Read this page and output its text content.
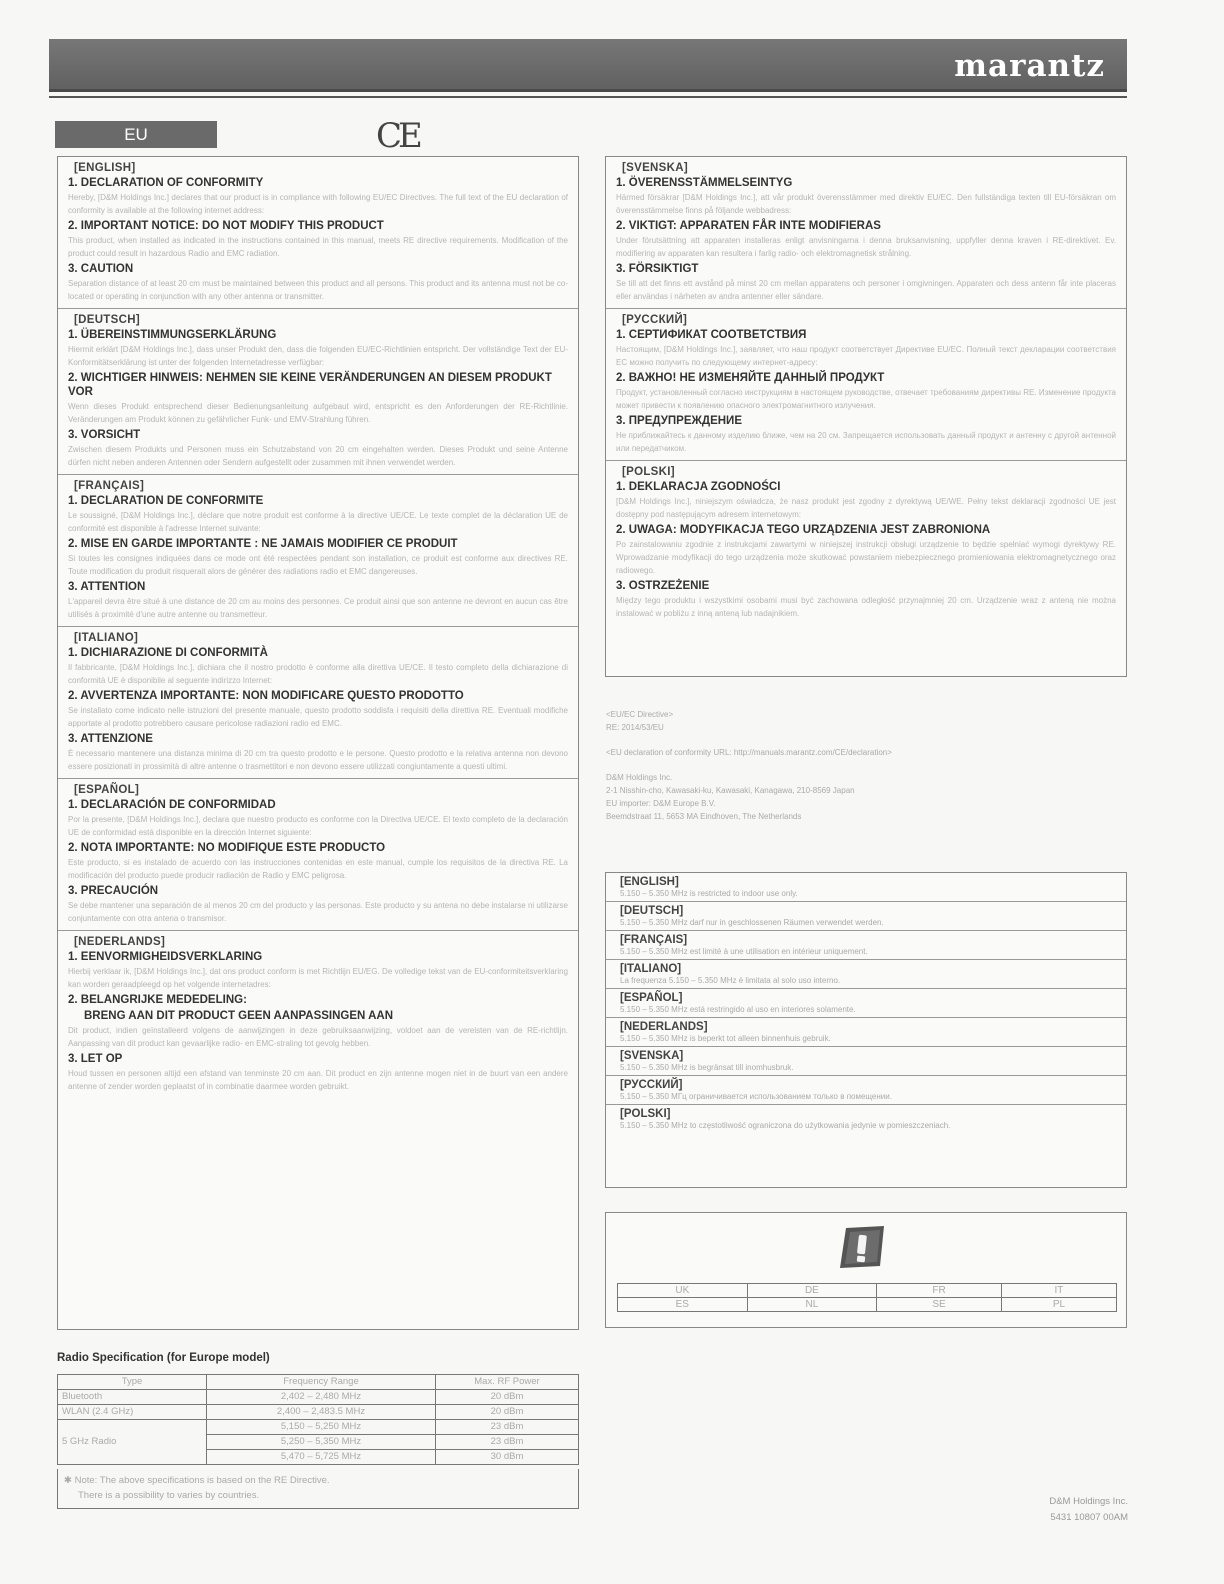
marantz
EU	CE
[ENGLISH]
1. DECLARATION OF CONFORMITY
Hereby, [D&M Holdings Inc.] declares that our product is in compliance with following EU/EC Directives. The full text of the EU declaration of conformity is available at the following internet address:
2. IMPORTANT NOTICE: DO NOT MODIFY THIS PRODUCT
This product, when installed as indicated in the instructions contained in this manual, meets RE directive requirements. Modification of the product could result in hazardous Radio and EMC radiation.
3. CAUTION
Separation distance of at least 20 cm must be maintained between this product and all persons. This product and its antenna must not be co-located or operating in conjunction with any other antenna or transmitter.
[DEUTSCH]
1. ÜBEREINSTIMMUNGSERKLÄRUNG
Hiermit erklärt [D&M Holdings Inc.], dass unser Produkt den, dass die folgenden EU/EC-Richtlinien entspricht. Der vollständige Text der EU-Konformitätserklärung ist unter der folgenden Internetadresse verfügbar:
2. WICHTIGER HINWEIS: NEHMEN SIE KEINE VERÄNDERUNGEN AN DIESEM PRODUKT VOR
Wenn dieses Produkt entsprechend dieser Bedienungsanleitung aufgebaut wird, entspricht es den Anforderungen der RE-Richtlinie. Veränderungen am Produkt können zu gefährlicher Funk- und EMV-Strahlung führen.
3. VORSICHT
Zwischen diesem Produkts und Personen muss ein Schutzabstand von 20 cm eingehalten werden. Dieses Produkt und seine Antenne dürfen nicht neben anderen Antennen oder Sendern aufgestellt oder zusammen mit ihnen verwendet werden.
[FRANÇAIS]
1. DECLARATION DE CONFORMITE
Le soussigné, [D&M Holdings Inc.], déclare que notre produit est conforme à la directive UE/CE. Le texte complet de la déclaration UE de conformité est disponible à l'adresse Internet suivante:
2. MISE EN GARDE IMPORTANTE : NE JAMAIS MODIFIER CE PRODUIT
Si toutes les consignes indiquées dans ce mode ont été respectées pendant son installation, ce produit est conforme aux directives RE. Toute modification du produit risquerait alors de générer des radiations radio et EMC dangereuses.
3. ATTENTION
L'appareil devra être situé à une distance de 20 cm au moins des personnes. Ce produit ainsi que son antenne ne devront en aucun cas être utilisés à proximité d'une autre antenne ou transmetteur.
[ITALIANO]
1. DICHIARAZIONE DI CONFORMITÀ
Il fabbricante, [D&M Holdings Inc.], dichiara che il nostro prodotto è conforme alla direttiva UE/CE. Il testo completo della dichiarazione di conformità UE è disponibile al seguente indirizzo Internet:
2. AVVERTENZA IMPORTANTE: NON MODIFICARE QUESTO PRODOTTO
Se installato come indicato nelle istruzioni del presente manuale, questo prodotto soddisfa i requisiti della direttiva RE. Eventuali modifiche apportate al prodotto potrebbero causare pericolose radiazioni radio ed EMC.
3. ATTENZIONE
È necessario mantenere una distanza minima di 20 cm tra questo prodotto e le persone. Questo prodotto e la relativa antenna non devono essere posizionati in prossimità di altre antenne o trasmettitori e non devono essere utilizzati congiuntamente a questi ultimi.
[ESPAÑOL]
1. DECLARACIÓN DE CONFORMIDAD
Por la presente, [D&M Holdings Inc.], declara que nuestro producto es conforme con la Directiva UE/CE. El texto completo de la declaración UE de conformidad está disponible en la dirección Internet siguiente:
2. NOTA IMPORTANTE: NO MODIFIQUE ESTE PRODUCTO
Este producto, si es instalado de acuerdo con las instrucciones contenidas en este manual, cumple los requisitos de la directiva RE. La modificación del producto puede producir radiación de Radio y EMC peligrosa.
3. PRECAUCIÓN
Se debe mantener una separación de al menos 20 cm del producto y las personas. Este producto y su antena no debe instalarse ni utilizarse conjuntamente con otra antena o transmisor.
[NEDERLANDS]
1. EENVORMIGHEIDSVERKLARING
Hierbij verklaar ik, [D&M Holdings Inc.], dat ons product conform is met Richtlijn EU/EG. De volledige tekst van de EU-conformiteitsverklaring kan worden geraadpleegd op het volgende internetadres:
2. BELANGRIJKE MEDEDELING:
BRENG AAN DIT PRODUCT GEEN AANPASSINGEN AAN
Dit product, indien geïnstalleerd volgens de aanwijzingen in deze gebruiksaanwijzing, voldoet aan de vereisten van de RE-richtlijn. Aanpassing van dit product kan gevaarlijke radio- en EMC-straling tot gevolg hebben.
3. LET OP
Houd tussen en personen altijd een afstand van tenminste 20 cm aan. Dit product en zijn antenne mogen niet in de buurt van een andere antenne of zender worden geplaatst of in combinatie daarmee worden gebruikt.
[SVENSKA]
1. ÖVERENSSTÄMMELSEINTYG
Härmed försäkrar [D&M Holdings Inc.], att vår produkt överensstämmer med direktiv EU/EC. Den fullständiga texten till EU-försäkran om överensstämmelse finns på följande webbadress:
2. VIKTIGT: APPARATEN FÅR INTE MODIFIERAS
Under förutsättning att apparaten installeras enligt anvisningarna i denna bruksanvisning, uppfyller denna kraven i RE-direktivet. Ev. modifiering av apparaten kan resultera i farlig radio- och elektromagnetisk strålning.
3. FÖRSIKTIGT
Se till att det finns ett avstånd på minst 20 cm mellan apparatens och personer i omgivningen. Apparaten och dess antenn får inte placeras eller användas i närheten av andra antenner eller sändare.
[РУССКИЙ]
1. СЕРТИФИКАТ СООТВЕТСТВИЯ
Настоящим, [D&M Holdings Inc.], заявляет, что наш продукт соответствует Директиве EU/EC. Полный текст декларации соответствия ЕС можно получить по следующему интернет-адресу:
2. ВАЖНО! НЕ ИЗМЕНЯЙТЕ ДАННЫЙ ПРОДУКТ
Продукт, установленный согласно инструкциям в настоящем руководстве, отвечает требованиям директивы RE. Изменение продукта может привести к появлению опасного электромагнитного излучения.
3. ПРЕДУПРЕЖДЕНИЕ
Не приближайтесь к данному изделию ближе, чем на 20 см. Запрещается использовать данный продукт и антенну с другой антенной или передатчиком.
[POLSKI]
1. DEKLARACJA ZGODNOŚCI
[D&M Holdings Inc.], niniejszym oświadcza, że nasz produkt jest zgodny z dyrektywą UE/WE. Pełny tekst deklaracji zgodności UE jest dostępny pod następującym adresem internetowym:
2. UWAGA: MODYFIKACJA TEGO URZĄDZENIA JEST ZABRONIONA
Po zainstalowaniu zgodnie z instrukcjami zawartymi w niniejszej instrukcji obsługi urządzenie to będzie spełniać wymogi dyrektywy RE. Wprowadzanie modyfikacji do tego urządzenia może skutkować powstaniem niebezpiecznego promieniowania elektromagnetycznego oraz radiowego.
3. OSTRZEŻENIE
Między tego produktu i wszystkimi osobami musi być zachowana odległość przynajmniej 20 cm. Urządzenie wraz z anteną nie można instalować w pobliżu z inną anteną lub nadajnikiem.
<EU/EC Directive>
RE: 2014/53/EU
<EU declaration of conformity URL: http://manuals.marantz.com/CE/declaration>
D&M Holdings Inc.
2-1 Nisshin-cho, Kawasaki-ku, Kawasaki, Kanagawa, 210-8569 Japan
EU importer: D&M Europe B.V.
Beemdstraat 11, 5653 MA Eindhoven, The Netherlands
[ENGLISH]
5.150 – 5.350 MHz is restricted to indoor use only.
[DEUTSCH]
5.150 – 5.350 MHz darf nur in geschlossenen Räumen verwendet werden.
[FRANÇAIS]
5.150 – 5.350 MHz est limité à une utilisation en intérieur uniquement.
[ITALIANO]
La frequenza 5.150 – 5.350 MHz è limitata al solo uso interno.
[ESPAÑOL]
5.150 – 5.350 MHz está restringido al uso en interiores solamente.
[NEDERLANDS]
5.150 – 5.350 MHz is beperkt tot alleen binnenhuis gebruik.
[SVENSKA]
5.150 – 5.350 MHz is begränsat till inomhusbruk.
[РУССКИЙ]
5.150 – 5.350 МГц ограничивается использованием только в помещении.
[POLSKI]
5.150 – 5.350 MHz to częstotliwość ograniczona do użytkowania jedynie w pomieszczeniach.
UK	DE	FR	IT
ES	NL	SE	PL
Radio Specification (for Europe model)
Type	Frequency Range	Max. RF Power
Bluetooth	2,402 – 2,480 MHz	20 dBm
WLAN (2.4 GHz)	2,400 – 2,483.5 MHz	20 dBm
5 GHz Radio	5,150 – 5,250 MHz	23 dBm
	5,250 – 5,350 MHz	23 dBm
	5,470 – 5,725 MHz	30 dBm
✱ Note: The above specifications is based on the RE Directive.
There is a possibility to varies by countries.
D&M Holdings Inc.
5431 10807 00AM
